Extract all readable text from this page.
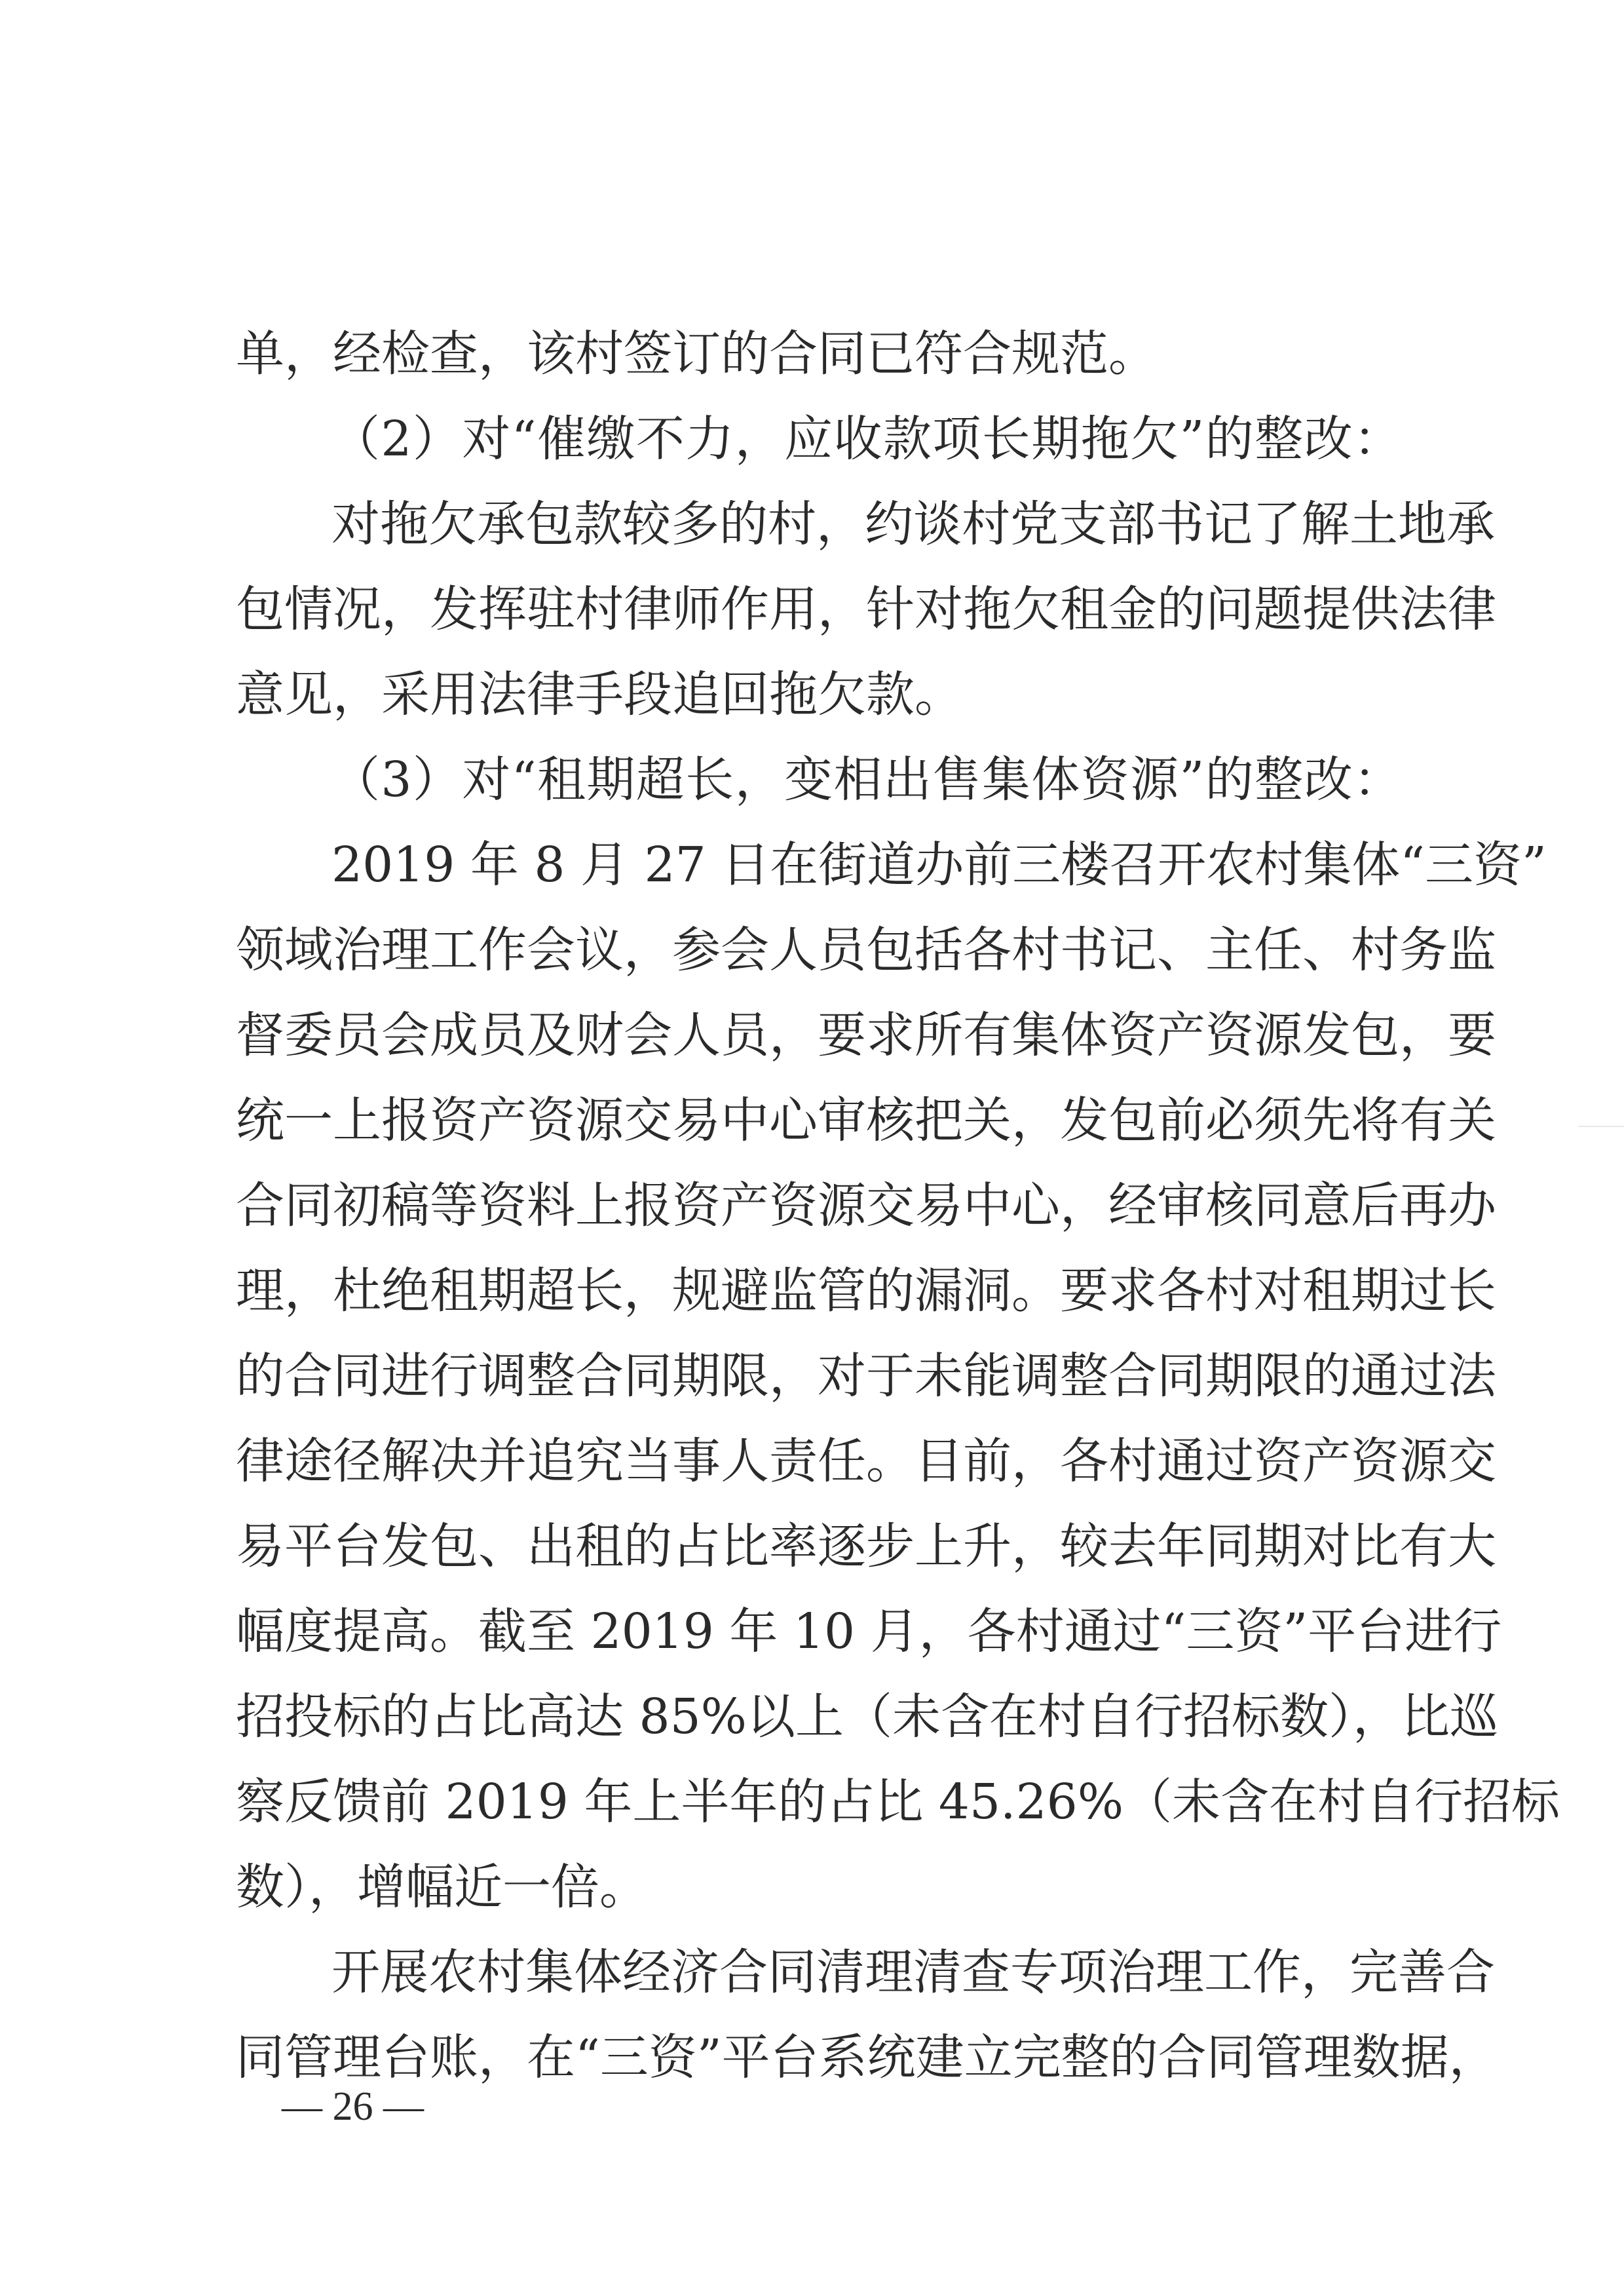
单，经检查，该村签订的合同已符合规范。
（2）对“催缴不力，应收款项长期拖欠”的整改：
对拖欠承包款较多的村，约谈村党支部书记了解土地承
包情况，发挥驻村律师作用，针对拖欠租金的问题提供法律
意见，采用法律手段追回拖欠款。
（3）对“租期超长，变相出售集体资源”的整改：
2019 年 8 月 27 日在街道办前三楼召开农村集体“三资”
领域治理工作会议，参会人员包括各村书记、主任、村务监
督委员会成员及财会人员，要求所有集体资产资源发包，要
统一上报资产资源交易中心审核把关，发包前必须先将有关
合同初稿等资料上报资产资源交易中心，经审核同意后再办
理，杜绝租期超长，规避监管的漏洞。要求各村对租期过长
的合同进行调整合同期限，对于未能调整合同期限的通过法
律途径解决并追究当事人责任。目前，各村通过资产资源交
易平台发包、出租的占比率逐步上升，较去年同期对比有大
幅度提高。截至 2019 年 10 月，各村通过“三资”平台进行
招投标的占比高达 85%以上（未含在村自行招标数），比巡
察反馈前 2019 年上半年的占比 45.26%（未含在村自行招标
数），增幅近一倍。
开展农村集体经济合同清理清查专项治理工作，完善合
同管理台账，在“三资”平台系统建立完整的合同管理数据，
— 26 —
